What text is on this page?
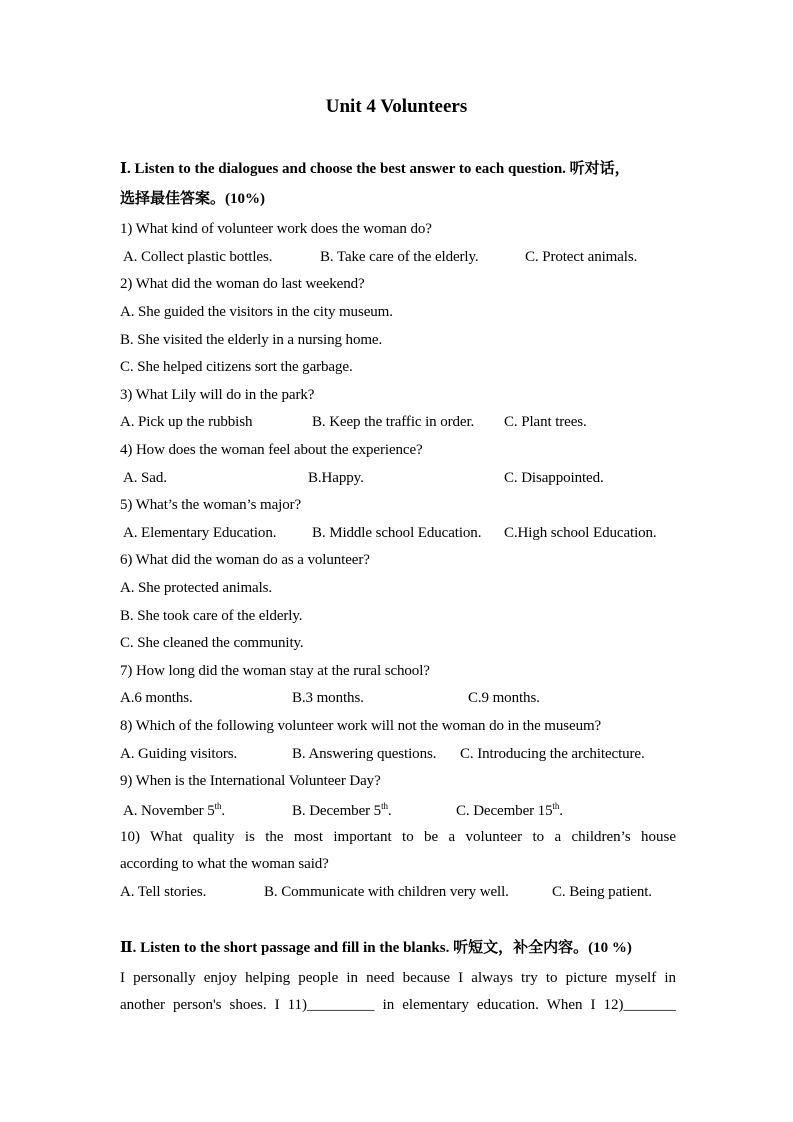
Unit 4 Volunteers
Ⅰ. Listen to the dialogues and choose the best answer to each question. 听对话，
选择最佳答案。(10%)
1) What kind of volunteer work does the woman do?
A. Collect plastic bottles.	B. Take care of the elderly.	C. Protect animals.
2) What did the woman do last weekend?
A. She guided the visitors in the city museum.
B. She visited the elderly in a nursing home.
C. She helped citizens sort the garbage.
3) What Lily will do in the park?
A. Pick up the rubbish	B. Keep the traffic in order. C. Plant trees.
4) How does the woman feel about the experience?
A. Sad.	B.Happy.	C. Disappointed.
5) What’s the woman’s major?
A. Elementary Education. B. Middle school Education. C.High school Education.
6) What did the woman do as a volunteer?
A. She protected animals.
B. She took care of the elderly.
C. She cleaned the community.
7) How long did the woman stay at the rural school?
A.6 months.	B.3 months.	C.9 months.
8) Which of the following volunteer work will not the woman do in the museum?
A. Guiding visitors.	B. Answering questions. C. Introducing the architecture.
9) When is the International Volunteer Day?
A. November 5th.	B. December 5th.	C. December 15th.
10) What quality is the most important to be a volunteer to a children’s house
according to what the woman said?
A. Tell stories.	B. Communicate with children very well.	C. Being patient.
Ⅱ. Listen to the short passage and fill in the blanks. 听短文，补全内容。(10 %)
I personally enjoy helping people in need because I always try to picture myself in
another person's shoes. I 11)_________ in elementary education. When I 12)_______
